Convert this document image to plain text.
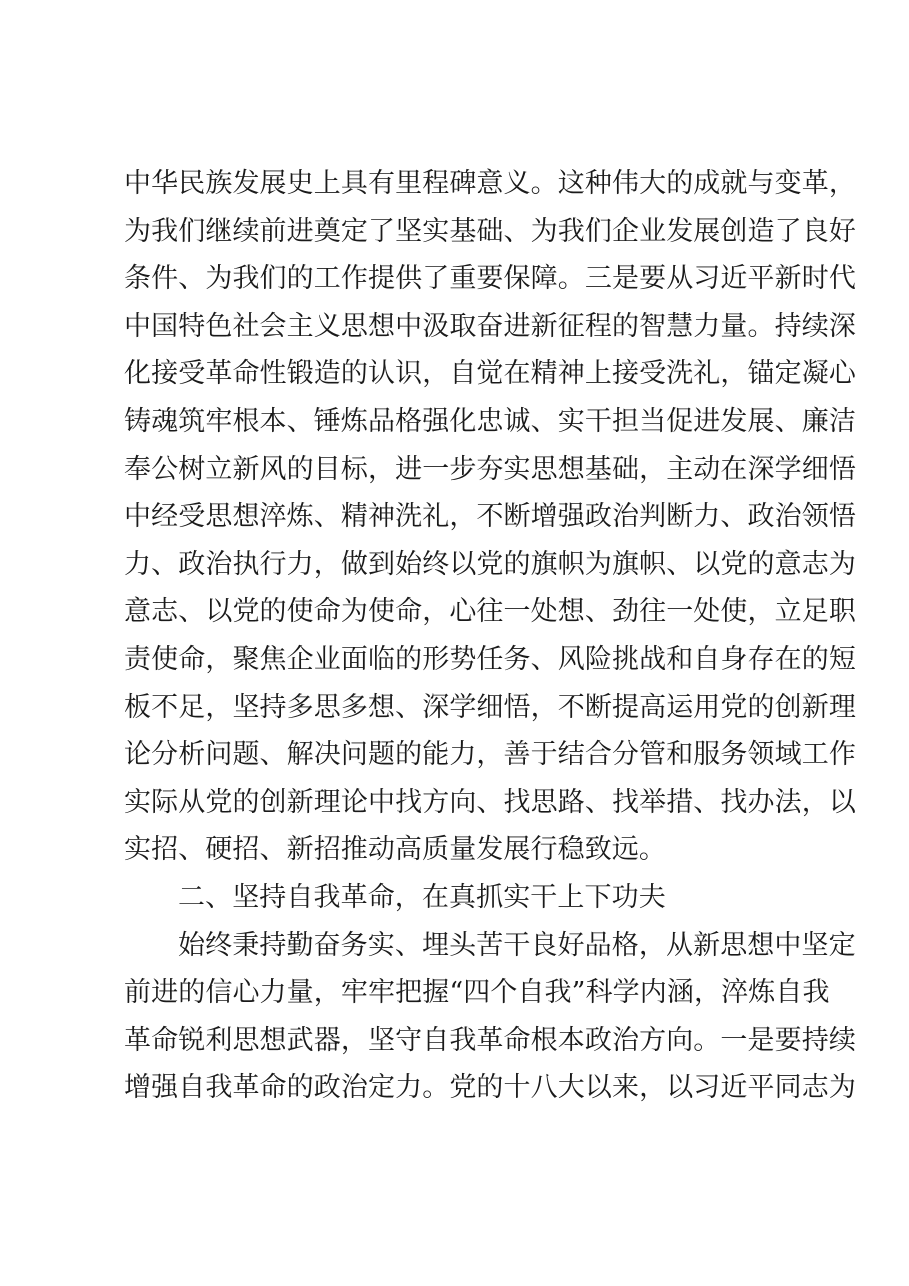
中 华 民 族 发 展 史 上 具 有 里 程 碑 意 义 。 这 种 伟 大 的 成 就 与 变 革 ，
为 我 们 继 续 前 进 奠 定 了 坚 实 基 础 、 为 我 们 企 业 发 展 创 造 了 良 好
条 件 、 为 我 们 的 工 作 提 供 了 重 要 保 障 。 三 是 要 从 习 近 平 新 时 代
中 国 特 色 社 会 主 义 思 想 中 汲 取 奋 进 新 征 程 的 智 慧 力 量 。 持 续 深
化 接 受 革 命 性 锻 造 的 认 识 ， 自 觉 在 精 神 上 接 受 洗 礼 ， 锚 定 凝 心
铸 魂 筑 牢 根 本 、 锤 炼 品 格 强 化 忠 诚 、 实 干 担 当 促 进 发 展 、 廉 洁
奉 公 树 立 新 风 的 目 标 ， 进 一 步 夯 实 思 想 基 础 ， 主 动 在 深 学 细 悟
中 经 受 思 想 淬 炼 、 精 神 洗 礼 ， 不 断 增 强 政 治 判 断 力 、 政 治 领 悟
力 、 政 治 执 行 力 ， 做 到 始 终 以 党 的 旗 帜 为 旗 帜 、 以 党 的 意 志 为
意 志 、 以 党 的 使 命 为 使 命 ， 心 往 一 处 想 、 劲 往 一 处 使 ， 立 足 职
责 使 命 ， 聚 焦 企 业 面 临 的 形 势 任 务 、 风 险 挑 战 和 自 身 存 在 的 短
板 不 足 ， 坚 持 多 思 多 想 、 深 学 细 悟 ， 不 断 提 高 运 用 党 的 创 新 理
论 分 析 问 题 、 解 决 问 题 的 能 力 ， 善 于 结 合 分 管 和 服 务 领 域 工 作
实 际 从 党 的 创 新 理 论 中 找 方 向 、 找 思 路 、 找 举 措 、 找 办 法 ， 以
实招、硬招、新招推动高质量发展行稳致远。
二、坚持自我革命，在真抓实干上下功夫
始 终 秉 持 勤 奋 务 实 、 埋 头 苦 干 良 好 品 格 ， 从 新 思 想 中 坚 定
前 进 的 信 心 力 量 ， 牢 牢 把 握 “ 四 个 自 我 ” 科 学 内 涵 ， 淬 炼 自 我
革 命 锐 利 思 想 武 器 ， 坚 守 自 我 革 命 根 本 政 治 方 向 。 一 是 要 持 续
增 强 自 我 革 命 的 政 治 定 力 。 党 的 十 八 大 以 来 ， 以 习 近 平 同 志 为
